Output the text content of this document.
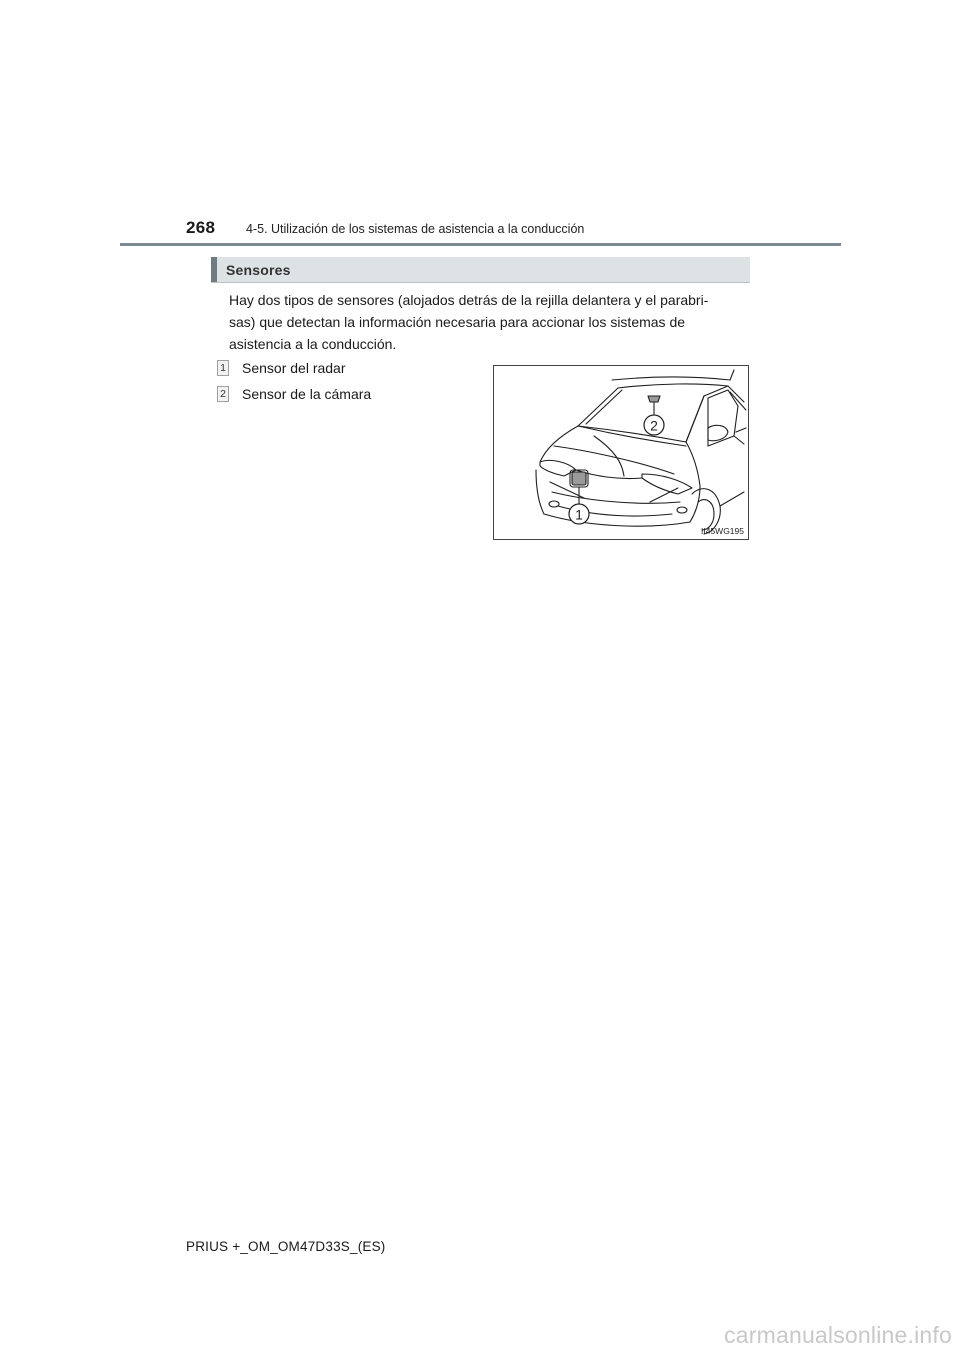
268 4-5. Utilización de los sistemas de asistencia a la conducción
Sensores
Hay dos tipos de sensores (alojados detrás de la rejilla delantera y el parabri-
sas) que detectan la información necesaria para accionar los sistemas de
asistencia a la conducción.
1 Sensor del radar
2 Sensor de la cámara
2
1
II45WG195
PRIUS +_OM_OM47D33S_(ES)
carmanualsonline.info
